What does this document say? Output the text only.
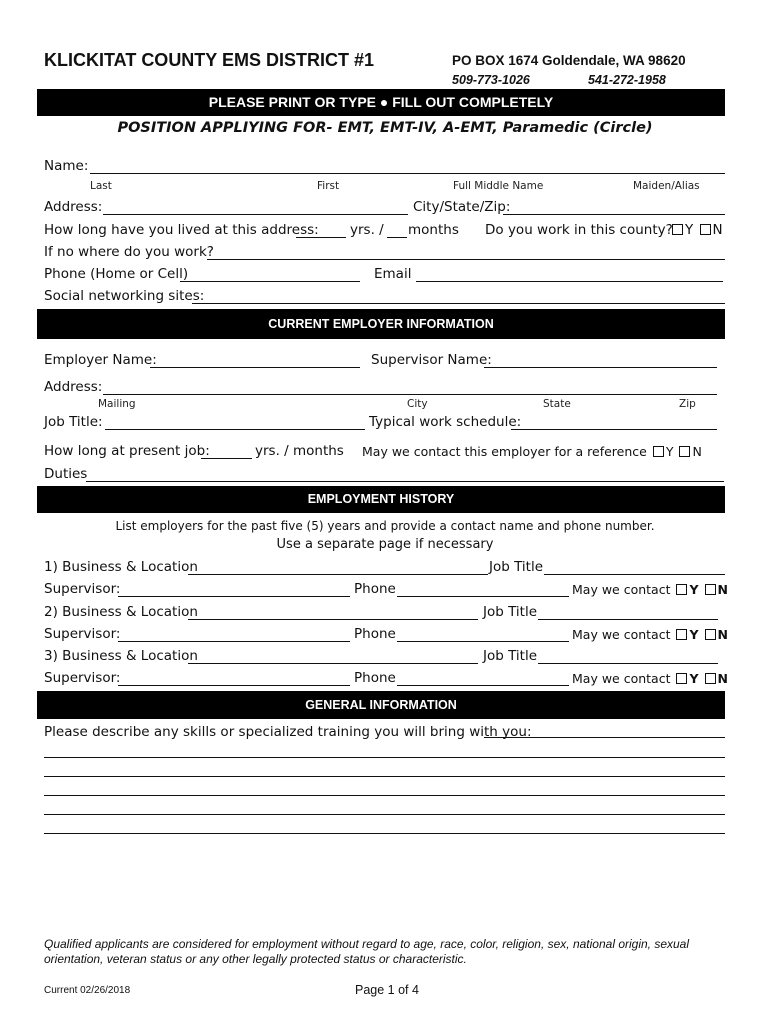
KLICKITAT COUNTY EMS DISTRICT #1	PO BOX 1674 Goldendale, WA 98620
509-773-1026	541-272-1958
PLEASE PRINT OR TYPE ● FILL OUT COMPLETELY
POSITION APPLIYING FOR- EMT, EMT-IV, A-EMT, Paramedic (Circle)
Name:
Last	First	Full Middle Name	Maiden/Alias
Address:	City/State/Zip:
How long have you lived at this address: yrs. / months Do you work in this county? Y N
If no where do you work?
Phone (Home or Cell)	Email
Social networking sites:
CURRENT EMPLOYER INFORMATION
Employer Name:	Supervisor Name:
Address:
Mailing	City	State	Zip
Job Title:	Typical work schedule:
How long at present job:	yrs. / months May we contact this employer for a reference Y N
Duties
EMPLOYMENT HISTORY
List employers for the past five (5) years and provide a contact name and phone number.
Use a separate page if necessary
1) Business & Location	Job Title
Supervisor:	Phone	May we contact Y N
2) Business & Location	Job Title
Supervisor:	Phone	May we contact Y N
3) Business & Location	Job Title
Supervisor:	Phone	May we contact Y N
GENERAL INFORMATION
Please describe any skills or specialized training you will bring with you:
Qualified applicants are considered for employment without regard to age, race, color, religion, sex, national origin, sexual orientation, veteran status or any other legally protected status or characteristic.
Current 02/26/2018	Page 1 of 4
